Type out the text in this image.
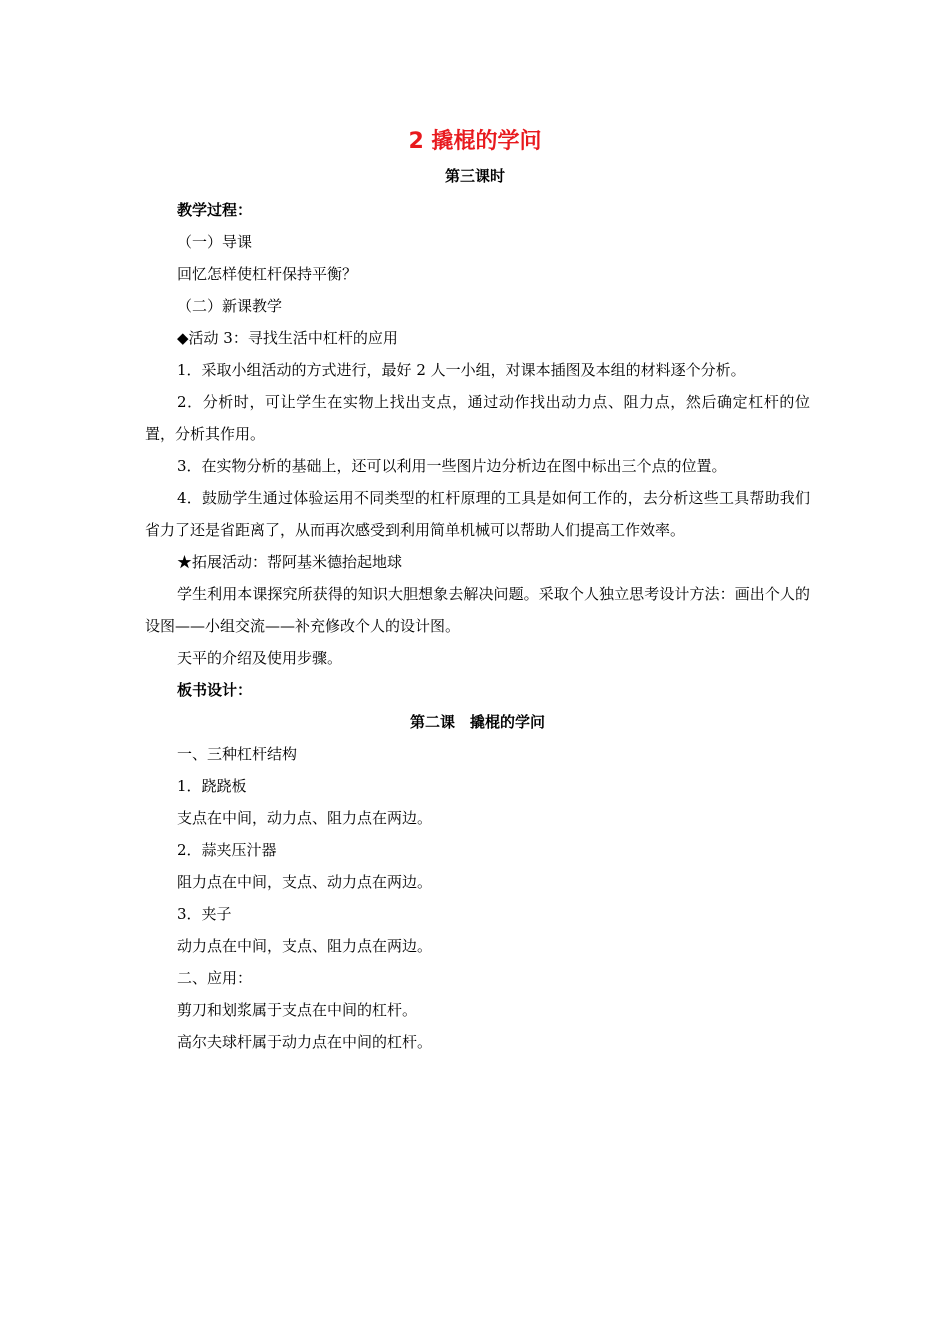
2 撬棍的学问
第三课时

教学过程：

（一）导课

回忆怎样使杠杆保持平衡？

（二）新课教学

◆活动 3：寻找生活中杠杆的应用

1．采取小组活动的方式进行，最好 2 人一小组，对课本插图及本组的材料逐个分析。

2．分析时，可让学生在实物上找出支点，通过动作找出动力点、阻力点，然后确定杠杆的位置，分析其作用。

3．在实物分析的基础上，还可以利用一些图片边分析边在图中标出三个点的位置。

4．鼓励学生通过体验运用不同类型的杠杆原理的工具是如何工作的，去分析这些工具帮助我们省力了还是省距离了，从而再次感受到利用简单机械可以帮助人们提高工作效率。

★拓展活动：帮阿基米德抬起地球

学生利用本课探究所获得的知识大胆想象去解决问题。采取个人独立思考设计方法：画出个人的设图——小组交流——补充修改个人的设计图。

天平的介绍及使用步骤。

板书设计：

第二课　撬棍的学问

一、三种杠杆结构

1．跷跷板

支点在中间，动力点、阻力点在两边。

2．蒜夹压汁器

阻力点在中间，支点、动力点在两边。

3．夹子

动力点在中间，支点、阻力点在两边。

二、应用：

剪刀和划浆属于支点在中间的杠杆。

高尔夫球杆属于动力点在中间的杠杆。
